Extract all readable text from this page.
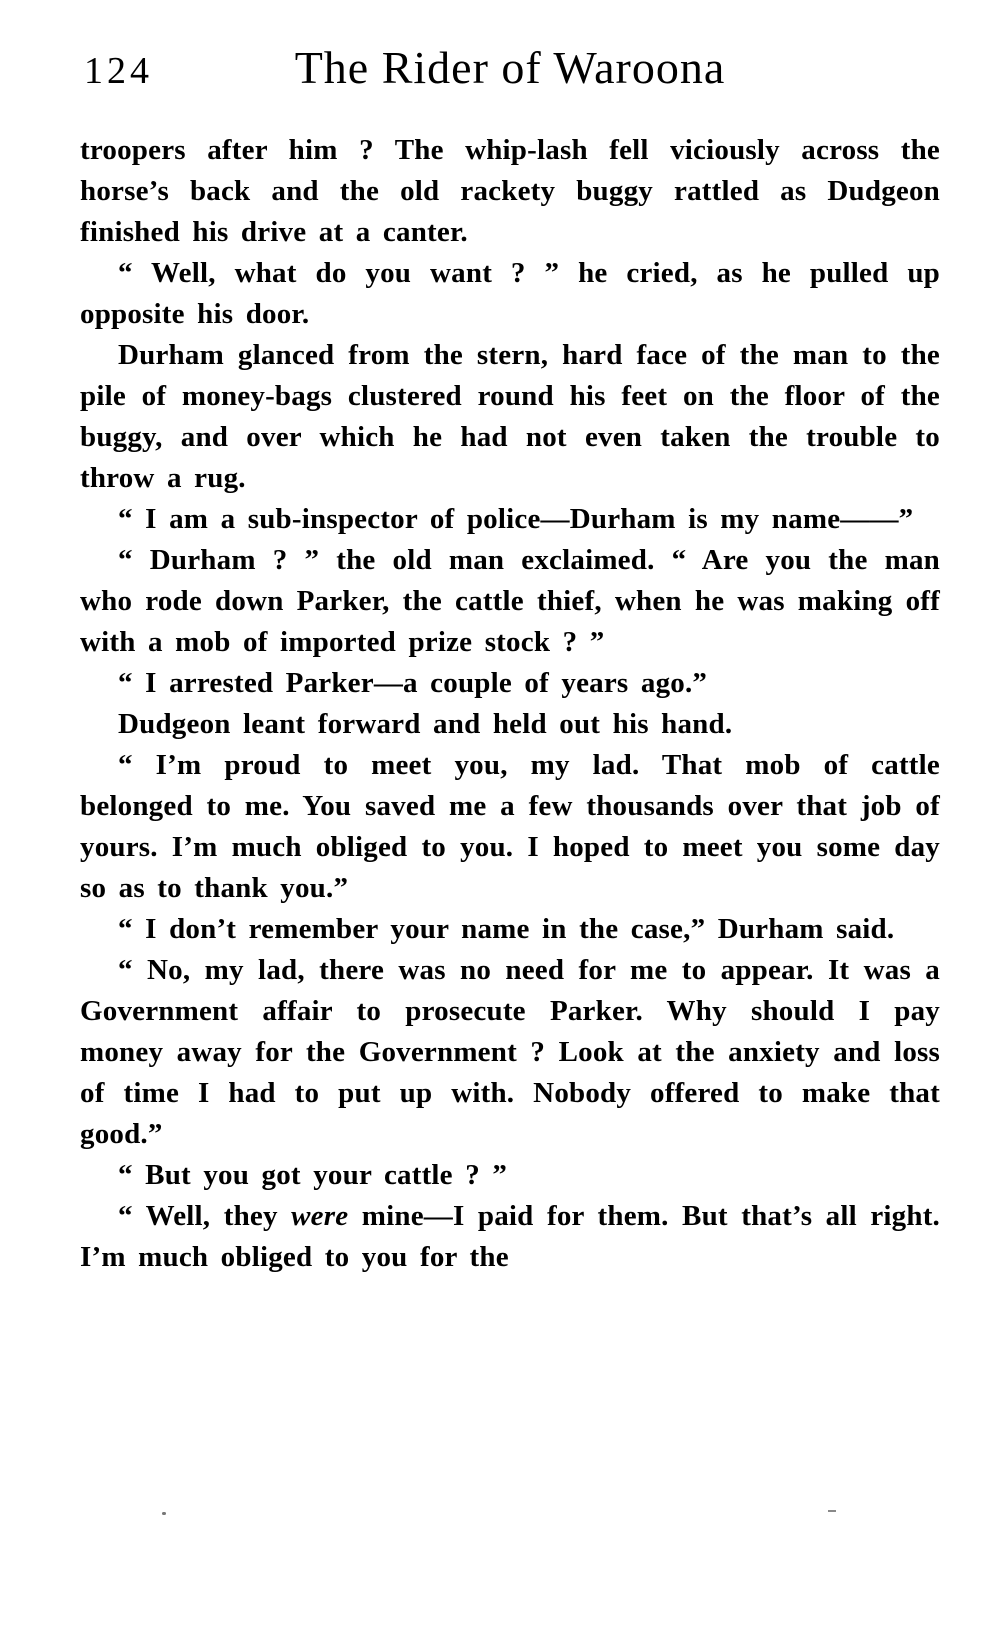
124	The Rider of Waroona

troopers after him ? The whip-lash fell viciously across the horse’s back and the old rackety buggy rattled as Dudgeon finished his drive at a canter.

“ Well, what do you want ? ” he cried, as he pulled up opposite his door.

Durham glanced from the stern, hard face of the man to the pile of money-bags clustered round his feet on the floor of the buggy, and over which he had not even taken the trouble to throw a rug.

“ I am a sub-inspector of police—Durham is my name——”

“ Durham ? ” the old man exclaimed. “ Are you the man who rode down Parker, the cattle thief, when he was making off with a mob of imported prize stock ? ”

“ I arrested Parker—a couple of years ago.”

Dudgeon leant forward and held out his hand.

“ I’m proud to meet you, my lad. That mob of cattle belonged to me. You saved me a few thousands over that job of yours. I’m much obliged to you. I hoped to meet you some day so as to thank you.”

“ I don’t remember your name in the case,” Durham said.

“ No, my lad, there was no need for me to appear. It was a Government affair to prosecute Parker. Why should I pay money away for the Government ? Look at the anxiety and loss of time I had to put up with. Nobody offered to make that good.”

“ But you got your cattle ? ”

“ Well, they were mine—I paid for them. But that’s all right. I’m much obliged to you for the
